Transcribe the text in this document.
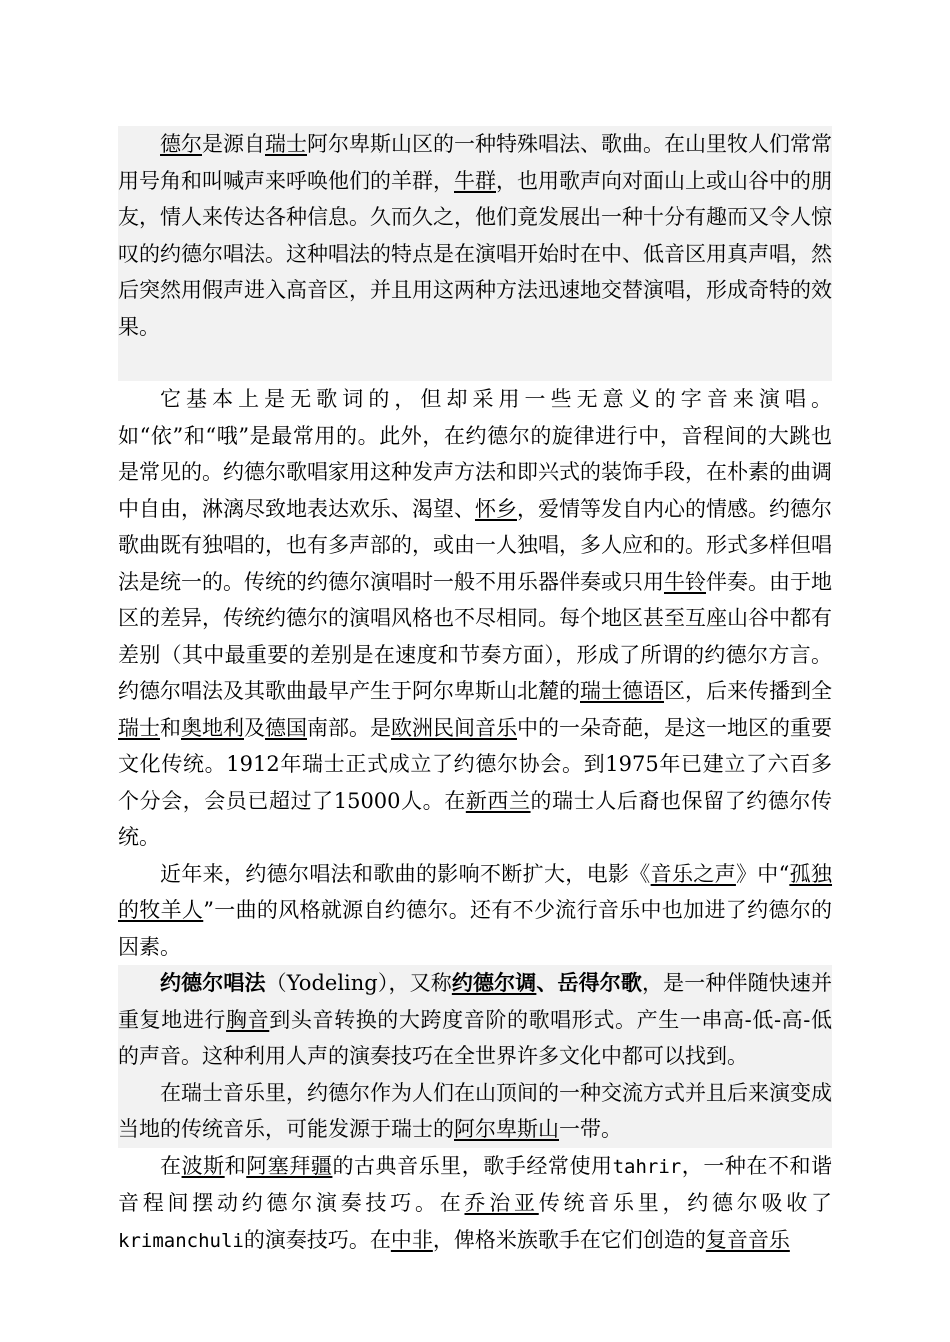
德尔是源自瑞士阿尔卑斯山区的一种特殊唱法、歌曲。在山里牧人们常常用号角和叫喊声来呼唤他们的羊群，牛群，也用歌声向对面山上或山谷中的朋友，情人来传达各种信息。久而久之，他们竟发展出一种十分有趣而又令人惊叹的约德尔唱法。这种唱法的特点是在演唱开始时在中、低音区用真声唱，然后突然用假声进入高音区，并且用这两种方法迅速地交替演唱，形成奇特的效果。

它基本上是无歌词的，但却采用一些无意义的字音来演唱。如“依”和“哦”是最常用的。此外，在约德尔的旋律进行中，音程间的大跳也是常见的。约德尔歌唱家用这种发声方法和即兴式的装饰手段，在朴素的曲调中自由，淋漓尽致地表达欢乐、渴望、怀乡，爱情等发自内心的情感。约德尔歌曲既有独唱的，也有多声部的，或由一人独唱，多人应和的。形式多样但唱法是统一的。传统的约德尔演唱时一般不用乐器伴奏或只用牛铃伴奏。由于地区的差异，传统约德尔的演唱风格也不尽相同。每个地区甚至互座山谷中都有差别（其中最重要的差别是在速度和节奏方面），形成了所谓的约德尔方言。约德尔唱法及其歌曲最早产生于阿尔卑斯山北麓的瑞士德语区，后来传播到全瑞士和奥地利及德国南部。是欧洲民间音乐中的一朵奇葩，是这一地区的重要文化传统。1912年瑞士正式成立了约德尔协会。到1975年已建立了六百多个分会，会员已超过了15000人。在新西兰的瑞士人后裔也保留了约德尔传统。

近年来，约德尔唱法和歌曲的影响不断扩大，电影《音乐之声》中“孤独的牧羊人”一曲的风格就源自约德尔。还有不少流行音乐中也加进了约德尔的因素。

约德尔唱法（Yodeling），又称约德尔调、岳得尔歌，是一种伴随快速并重复地进行胸音到头音转换的大跨度音阶的歌唱形式。产生一串高-低-高-低的声音。这种利用人声的演奏技巧在全世界许多文化中都可以找到。

在瑞士音乐里，约德尔作为人们在山顶间的一种交流方式并且后来演变成当地的传统音乐，可能发源于瑞士的阿尔卑斯山一带。

在波斯和阿塞拜疆的古典音乐里，歌手经常使用tahrir，一种在不和谐音程间摆动约德尔演奏技巧。在乔治亚传统音乐里，约德尔吸收了krimanchuli的演奏技巧。在中非，俾格米族歌手在它们创造的复音音乐
